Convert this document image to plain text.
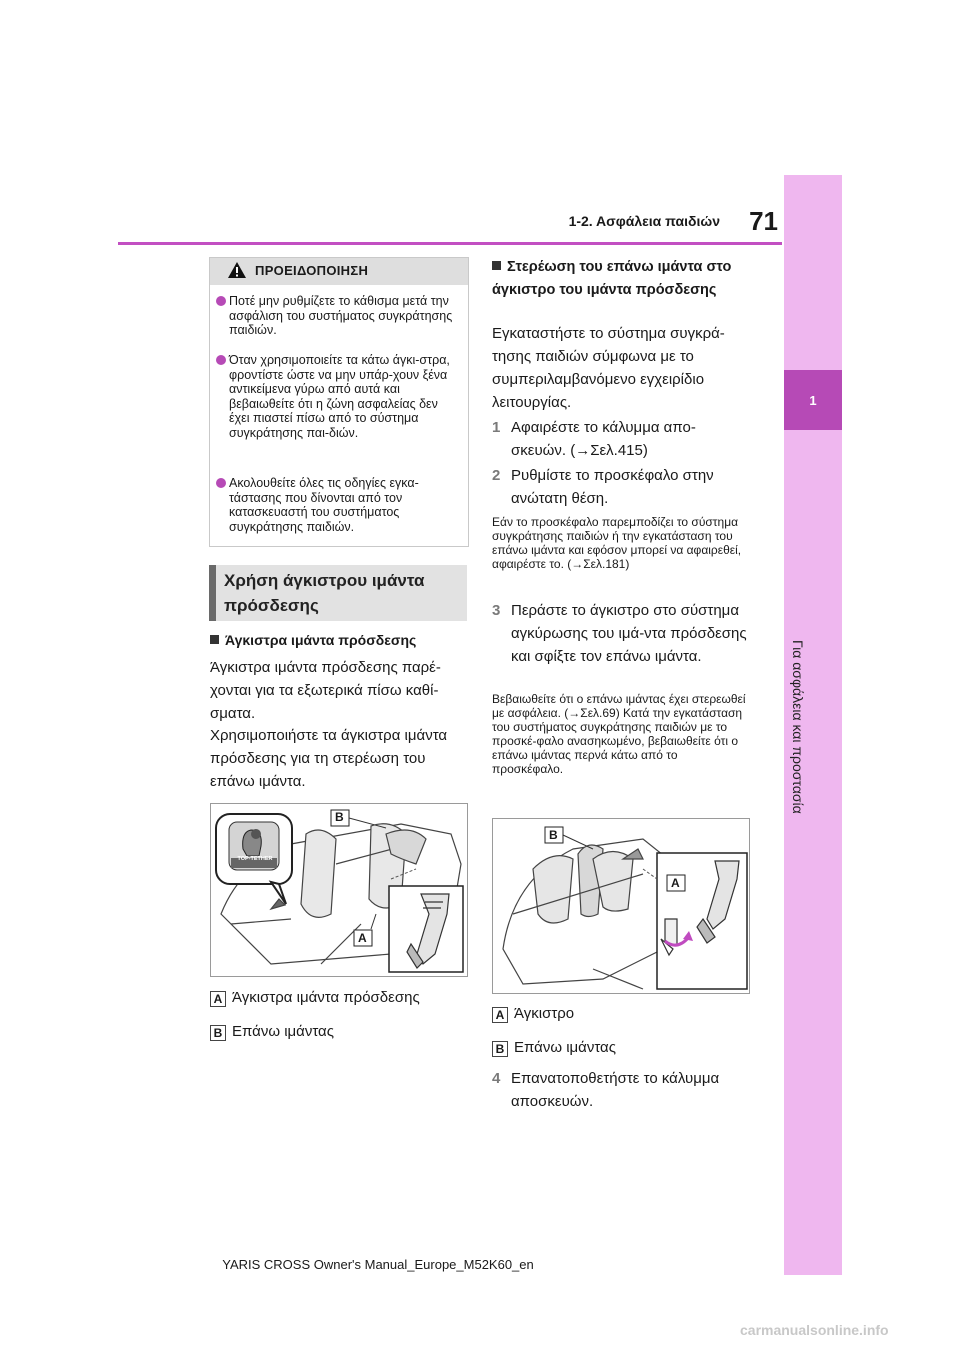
1
Για ασφάλεια και προστασία
1-2. Ασφάλεια παιδιών	71
ΠΡΟΕΙΔΟΠΟΙΗΣΗ
Ποτέ μην ρυθμίζετε το κάθισμα μετά την ασφάλιση του συστήματος συγκράτησης παιδιών.
Όταν χρησιμοποιείτε τα κάτω άγκι-στρα, φροντίστε ώστε να μην υπάρ-χουν ξένα αντικείμενα γύρω από αυτά και βεβαιωθείτε ότι η ζώνη ασφαλείας δεν έχει πιαστεί πίσω από το σύστημα συγκράτησης παι-διών.
Ακολουθείτε όλες τις οδηγίες εγκα-τάστασης που δίνονται από τον κατασκευαστή του συστήματος συγκράτησης παιδιών.
Χρήση άγκιστρου ιμάντα πρόσδεσης
Άγκιστρα ιμάντα πρόσδεσης
Άγκιστρα ιμάντα πρόσδεσης παρέ-χονται για τα εξωτερικά πίσω καθί-σματα.
Χρησιμοποιήστε τα άγκιστρα ιμάντα πρόσδεσης για τη στερέωση του επάνω ιμάντα.
B
A
TOP-TETHER
A Άγκιστρα ιμάντα πρόσδεσης
B Επάνω ιμάντας
Στερέωση του επάνω ιμάντα στο άγκιστρο του ιμάντα πρόσδεσης
Εγκαταστήστε το σύστημα συγκρά-τησης παιδιών σύμφωνα με το συμπεριλαμβανόμενο εγχειρίδιο λειτουργίας.
1 Αφαιρέστε το κάλυμμα απο-σκευών. (→Σελ.415)
2 Ρυθμίστε το προσκέφαλο στην ανώτατη θέση.
Εάν το προσκέφαλο παρεμποδίζει το σύστημα συγκράτησης παιδιών ή την εγκατάσταση του επάνω ιμάντα και εφόσον μπορεί να αφαιρεθεί, αφαιρέστε το. (→Σελ.181)
3 Περάστε το άγκιστρο στο σύστημα αγκύρωσης του ιμά-ντα πρόσδεσης και σφίξτε τον επάνω ιμάντα.
Βεβαιωθείτε ότι ο επάνω ιμάντας έχει στερεωθεί με ασφάλεια. (→Σελ.69) Κατά την εγκατάσταση του συστήματος συγκράτησης παιδιών με το προσκέ-φαλο ανασηκωμένο, βεβαιωθείτε ότι ο επάνω ιμάντας περνά κάτω από το προσκέφαλο.
B
A
A Άγκιστρο
B Επάνω ιμάντας
4 Επανατοποθετήστε το κάλυμμα αποσκευών.
YARIS CROSS Owner's Manual_Europe_M52K60_en
carmanualsonline.info
